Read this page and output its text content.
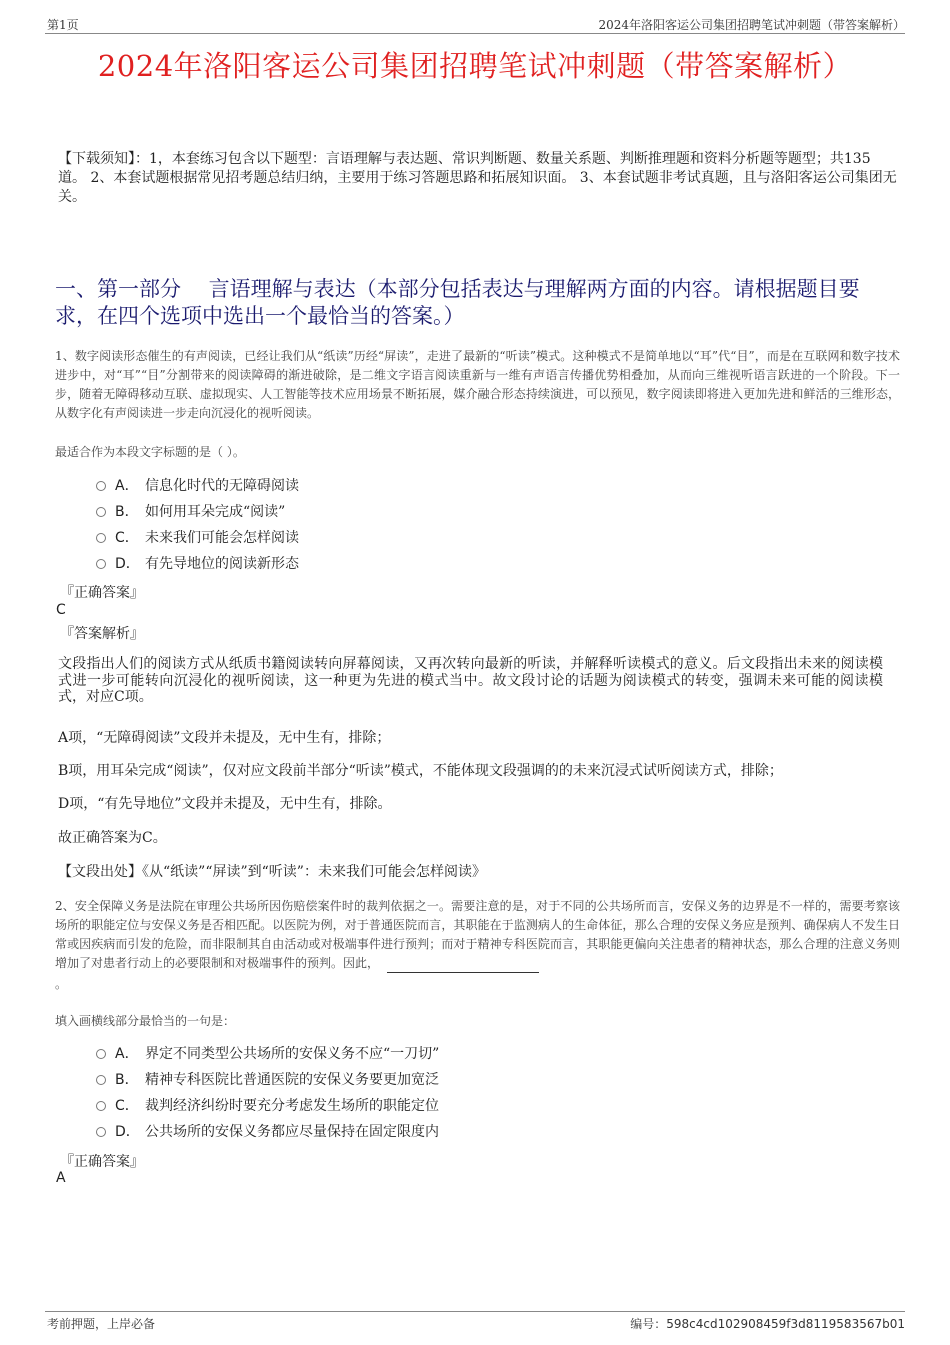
第1页	2024年洛阳客运公司集团招聘笔试冲刺题（带答案解析）
2024年洛阳客运公司集团招聘笔试冲刺题（带答案解析）
【下载须知】：1，本套练习包含以下题型：言语理解与表达题、常识判断题、数量关系题、判断推理题和资料分析题等题型；共135道。 2、本套试题根据常见招考题总结归纳，主要用于练习答题思路和拓展知识面。 3、本套试题非考试真题，且与洛阳客运公司集团无关。
一、第一部分　 言语理解与表达（本部分包括表达与理解两方面的内容。请根据题目要求，在四个选项中选出一个最恰当的答案。）
1、数字阅读形态催生的有声阅读，已经让我们从“纸读”历经“屏读”，走进了最新的“听读”模式。这种模式不是简单地以“耳”代“目”，而是在互联网和数字技术进步中，对“耳”“目”分割带来的阅读障碍的渐进破除，是二维文字语言阅读重新与一维有声语言传播优势相叠加，从而向三维视听语言跃进的一个阶段。下一步，随着无障碍移动互联、虚拟现实、人工智能等技术应用场景不断拓展，媒介融合形态持续演进，可以预见，数字阅读即将进入更加先进和鲜活的三维形态，从数字化有声阅读进一步走向沉浸化的视听阅读。
最适合作为本段文字标题的是（ ）。
A． 信息化时代的无障碍阅读
B． 如何用耳朵完成“阅读”
C． 未来我们可能会怎样阅读
D． 有先导地位的阅读新形态
『正确答案』
C
『答案解析』
文段指出人们的阅读方式从纸质书籍阅读转向屏幕阅读，又再次转向最新的听读，并解释听读模式的意义。后文段指出未来的阅读模式进一步可能转向沉浸化的视听阅读，这一种更为先进的模式当中。故文段讨论的话题为阅读模式的转变，强调未来可能的阅读模式，对应C项。
A项，“无障碍阅读”文段并未提及，无中生有，排除；
B项，用耳朵完成“阅读”，仅对应文段前半部分“听读”模式，不能体现文段强调的的未来沉浸式试听阅读方式，排除；
D项，“有先导地位”文段并未提及，无中生有，排除。
故正确答案为C。
【文段出处】《从“纸读”“屏读”到“听读”：未来我们可能会怎样阅读》
2、安全保障义务是法院在审理公共场所因伤赔偿案件时的裁判依据之一。需要注意的是，对于不同的公共场所而言，安保义务的边界是不一样的，需要考察该场所的职能定位与安保义务是否相匹配。以医院为例，对于普通医院而言，其职能在于监测病人的生命体征，那么合理的安保义务应是预判、确保病人不发生日常或因疾病而引发的危险，而非限制其自由活动或对极端事件进行预判；而对于精神专科医院而言，其职能更偏向关注患者的精神状态，那么合理的注意义务则增加了对患者行动上的必要限制和对极端事件的预判。因此，
。
填入画横线部分最恰当的一句是：
A． 界定不同类型公共场所的安保义务不应“一刀切”
B． 精神专科医院比普通医院的安保义务要更加宽泛
C． 裁判经济纠纷时要充分考虑发生场所的职能定位
D． 公共场所的安保义务都应尽量保持在固定限度内
『正确答案』
A
考前押题，上岸必备	编号：598c4cd102908459f3d8119583567b01
